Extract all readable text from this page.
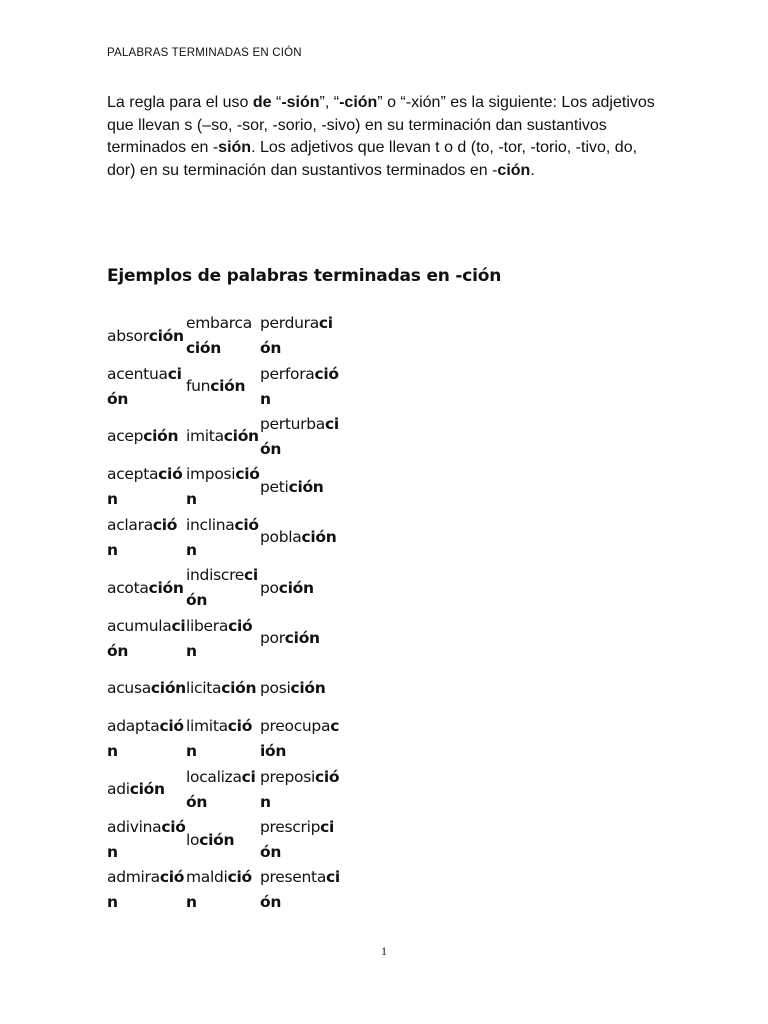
PALABRAS TERMINADAS EN CIÓN
La regla para el uso de “-sión”, “-ción” o “-xión” es la siguiente: Los adjetivos que llevan s (–so, -sor, -sorio, -sivo) en su terminación dan sustantivos terminados en -sión. Los adjetivos que llevan t o d (to, -tor, -torio, -tivo, do, dor) en su terminación dan sustantivos terminados en -ción.
Ejemplos de palabras terminadas en -ción
absorción
embarcación
perduración
acentuación
función
perforación
acepción imitación
perturbación
aceptación
imposición
petición
aclaración
inclinación
población
acotación
indiscreción
poción
acumulación
liberación
porción
acusación licitación posición
adaptación
limitación
preocupación
adición
localización
preposición
adivinación
loción
prescripción
admiración
maldición
presentación
1
